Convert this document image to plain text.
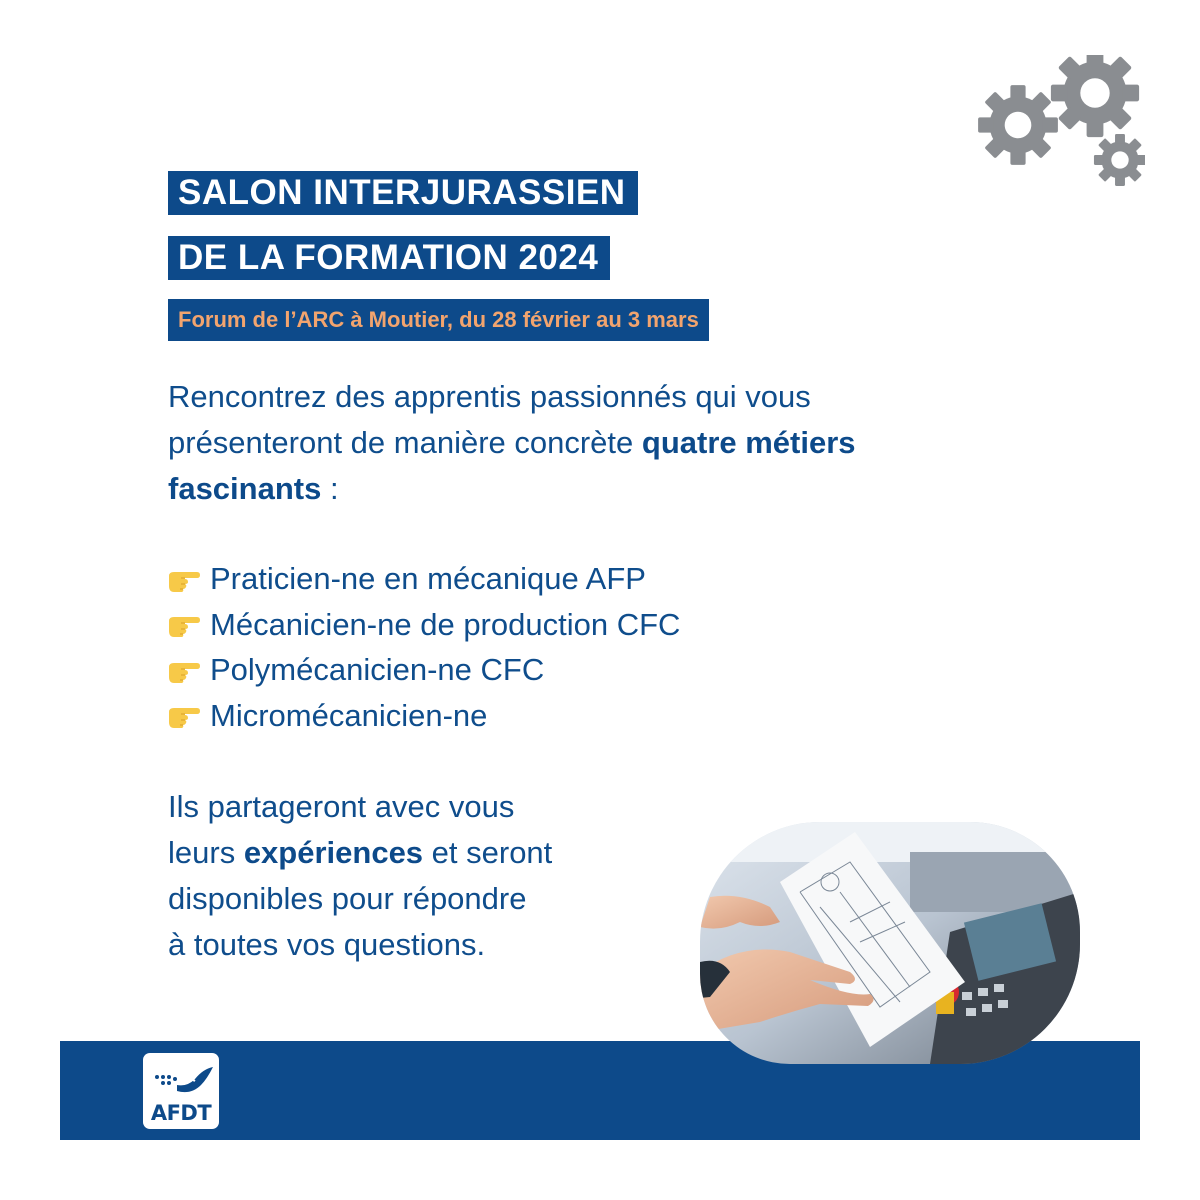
SALON INTERJURASSIEN
DE LA FORMATION 2024
Forum de l’ARC à Moutier, du 28 février au 3 mars
Rencontrez des apprentis passionnés qui vous présenteront de manière concrète quatre métiers fascinants :
Praticien-ne en mécanique AFP
Mécanicien-ne de production CFC
Polymécanicien-ne CFC
Micromécanicien-ne
Ils partageront avec vous
leurs expériences et seront
disponibles pour répondre
à toutes vos questions.
AFDT
